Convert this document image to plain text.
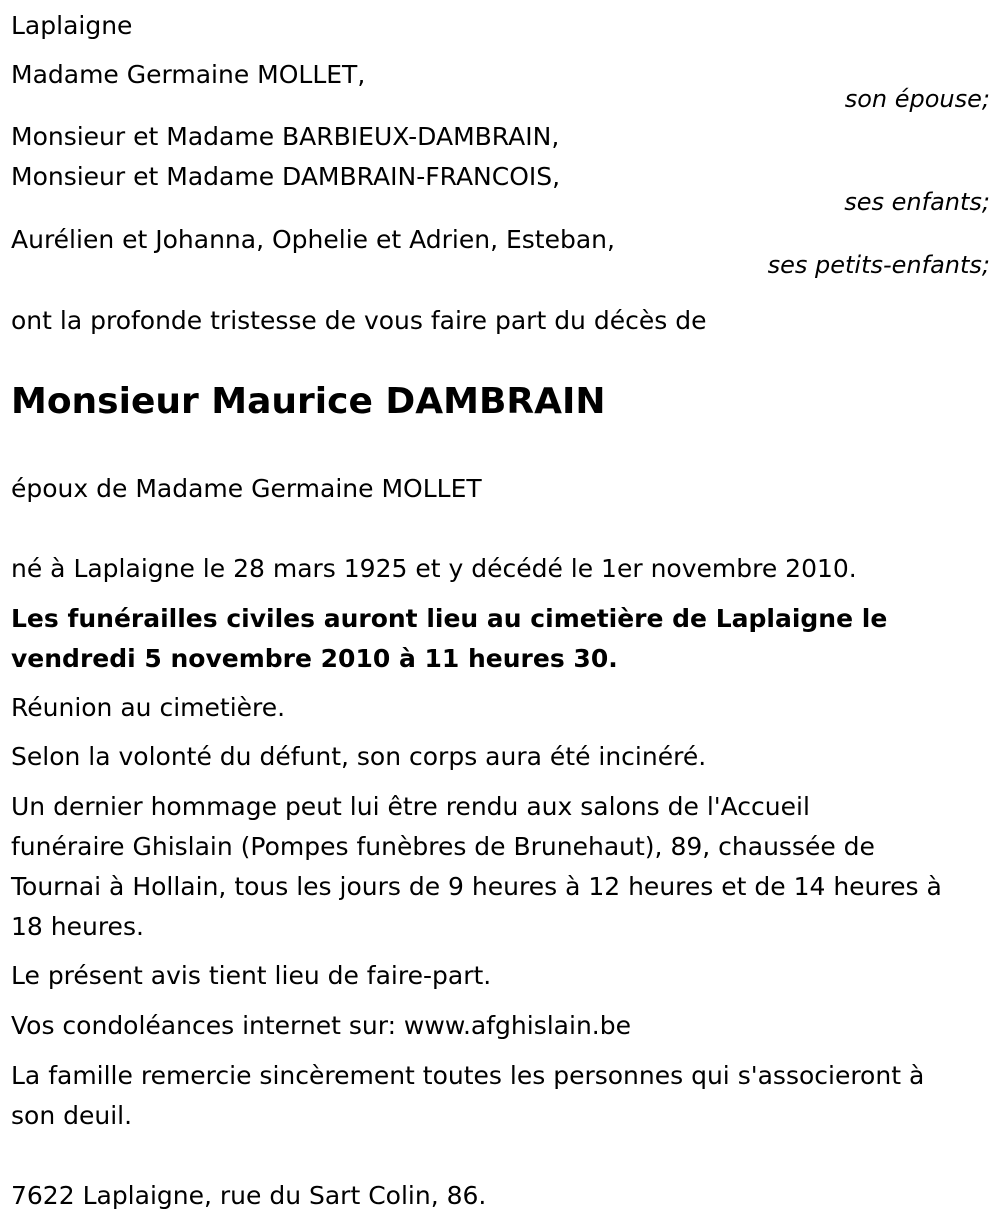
Laplaigne

Madame Germaine MOLLET,

son épouse;

Monsieur et Madame BARBIEUX-DAMBRAIN,

Monsieur et Madame DAMBRAIN-FRANCOIS,

ses enfants;

Aurélien et Johanna, Ophelie et Adrien, Esteban,

ses petits-enfants;

ont la profonde tristesse de vous faire part du décès de

Monsieur Maurice DAMBRAIN

époux de Madame Germaine MOLLET

né à Laplaigne le 28 mars 1925 et y décédé le 1er novembre 2010.

Les funérailles civiles auront lieu au cimetière de Laplaigne le

vendredi 5 novembre 2010 à 11 heures 30.

Réunion au cimetière.

Selon la volonté du défunt, son corps aura été incinéré.

Un dernier hommage peut lui être rendu aux salons de l'Accueil

funéraire Ghislain (Pompes funèbres de Brunehaut), 89, chaussée de

Tournai à Hollain, tous les jours de 9 heures à 12 heures et de 14 heures à

18 heures.

Le présent avis tient lieu de faire-part.

Vos condoléances internet sur: www.afghislain.be

La famille remercie sincèrement toutes les personnes qui s'associeront à

son deuil.

7622 Laplaigne, rue du Sart Colin, 86.
